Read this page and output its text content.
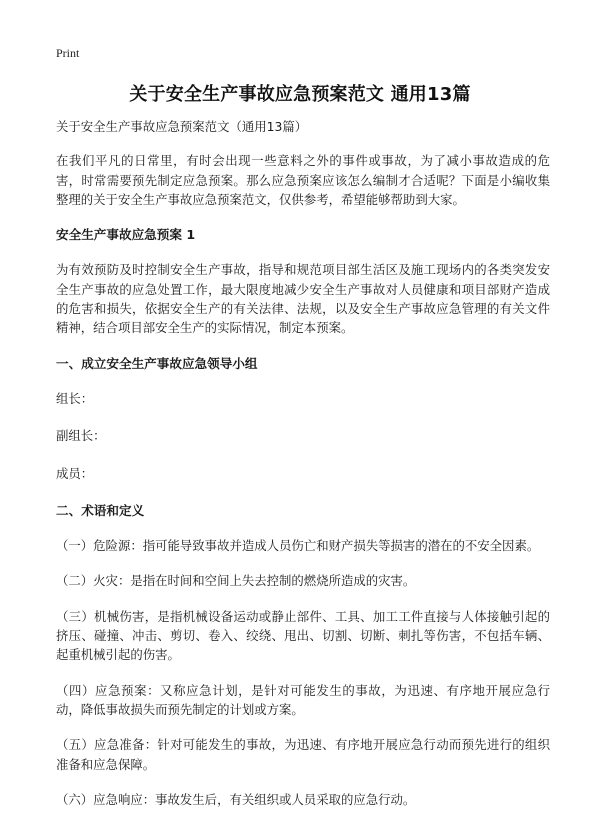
Print
关于安全生产事故应急预案范文 通用13篇

关于安全生产事故应急预案范文（通用13篇）

在我们平凡的日常里，有时会出现一些意料之外的事件或事故，为了减小事故造成的危害，时常需要预先制定应急预案。那么应急预案应该怎么编制才合适呢？下面是小编收集整理的关于安全生产事故应急预案范文，仅供参考，希望能够帮助到大家。

安全生产事故应急预案 1

为有效预防及时控制安全生产事故，指导和规范项目部生活区及施工现场内的各类突发安全生产事故的应急处置工作，最大限度地减少安全生产事故对人员健康和项目部财产造成的危害和损失，依据安全生产的有关法律、法规，以及安全生产事故应急管理的有关文件精神，结合项目部安全生产的实际情况，制定本预案。

一、成立安全生产事故应急领导小组

组长：

副组长：

成员：

二、术语和定义

（一）危险源：指可能导致事故并造成人员伤亡和财产损失等损害的潜在的不安全因素。

（二）火灾：是指在时间和空间上失去控制的燃烧所造成的灾害。

（三）机械伤害，是指机械设备运动或静止部件、工具、加工工件直接与人体接触引起的挤压、碰撞、冲击、剪切、卷入、绞绕、甩出、切割、切断、刺扎等伤害，不包括车辆、起重机械引起的伤害。

（四）应急预案：又称应急计划，是针对可能发生的事故，为迅速、有序地开展应急行动，降低事故损失而预先制定的计划或方案。

（五）应急准备：针对可能发生的事故，为迅速、有序地开展应急行动而预先进行的组织准备和应急保障。

（六）应急响应：事故发生后，有关组织或人员采取的应急行动。
